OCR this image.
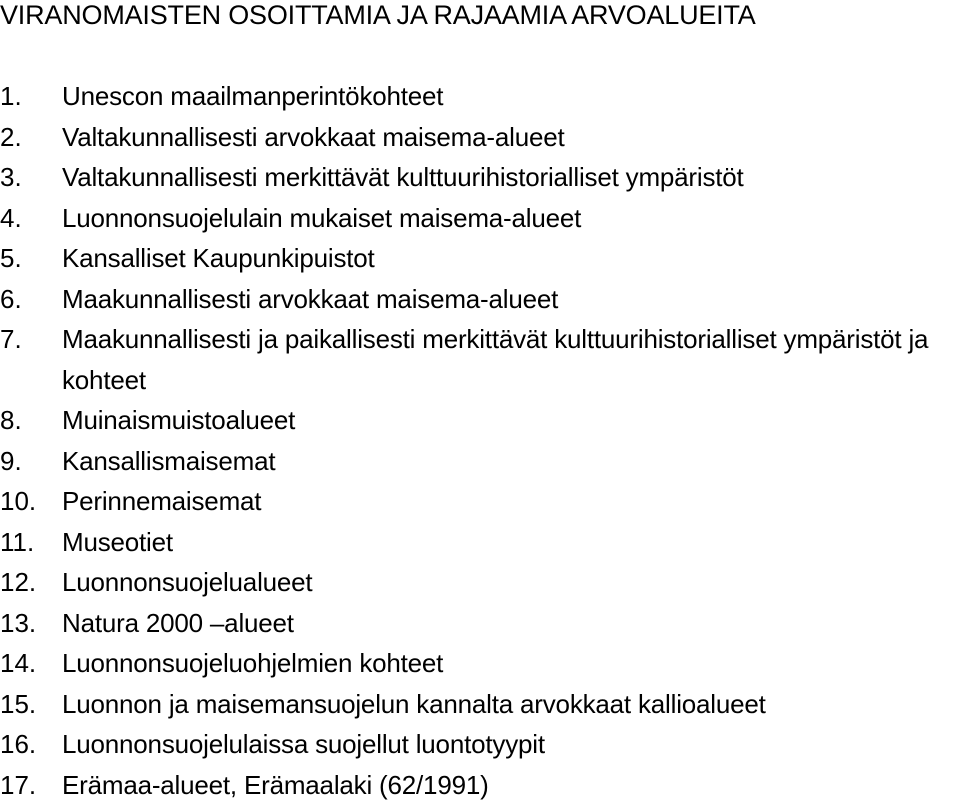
VIRANOMAISTEN OSOITTAMIA JA RAJAAMIA ARVOALUEITA
1.	Unescon maailmanperintökohteet
2.	Valtakunnallisesti arvokkaat maisema-alueet
3.	Valtakunnallisesti merkittävät kulttuurihistorialliset ympäristöt
4.	Luonnonsuojelulain mukaiset maisema-alueet
5.	Kansalliset Kaupunkipuistot
6.	Maakunnallisesti arvokkaat maisema-alueet
7.	Maakunnallisesti ja paikallisesti merkittävät kulttuurihistorialliset ympäristöt ja kohteet
8.	Muinaismuistoalueet
9.	Kansallismaisemat
10. Perinnemaisemat
11.	Museotiet
12. Luonnonsuojelualueet
13. Natura 2000 –alueet
14. Luonnonsuojeluohjelmien kohteet
15. Luonnon ja maisemansuojelun kannalta arvokkaat kallioalueet
16. Luonnonsuojelulaissa suojellut luontotyypit
17. Erämaa-alueet, Erämaalaki (62/1991)
